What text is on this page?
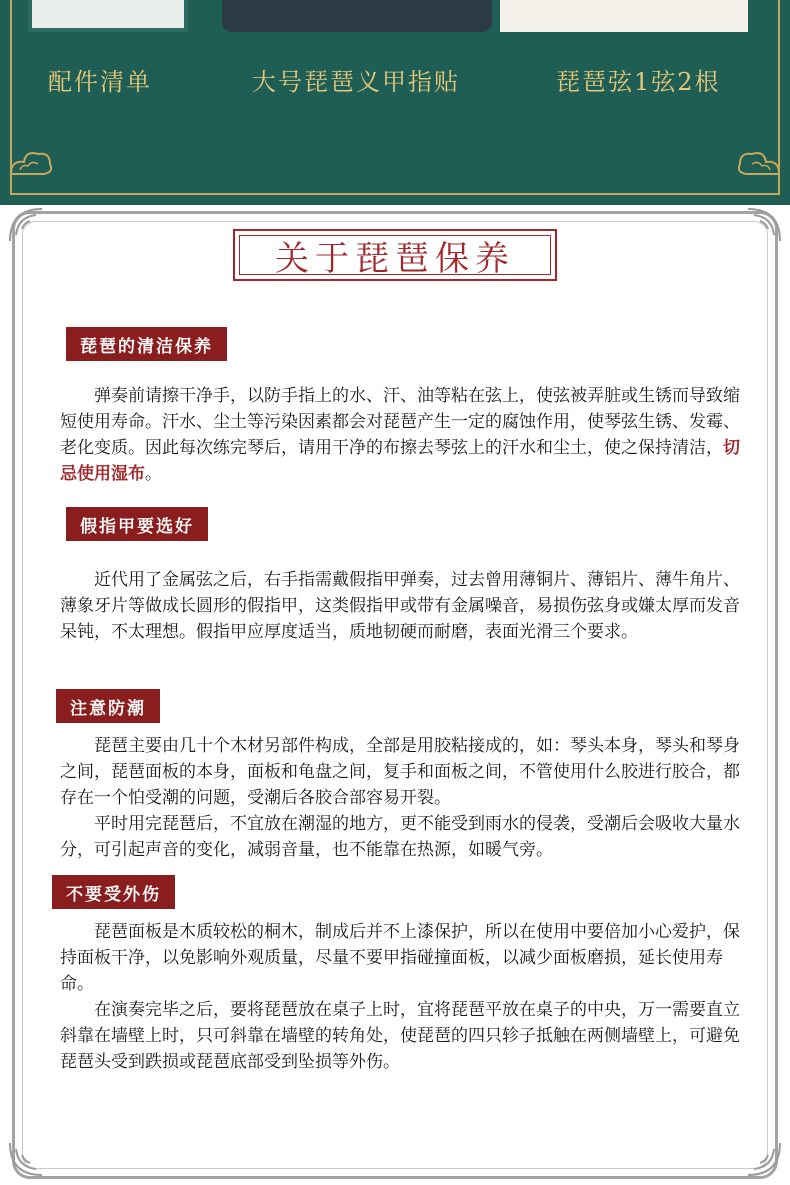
配件清单	大号琵琶义甲指贴	琵琶弦1弦2根
关于琵琶保养
琵琶的清洁保养

弹奏前请擦干净手，以防手指上的水、汗、油等粘在弦上，使弦被弄脏或生锈而导致缩短使用寿命。汗水、尘土等污染因素都会对琵琶产生一定的腐蚀作用，使琴弦生锈、发霉、老化变质。因此每次练完琴后，请用干净的布擦去琴弦上的汗水和尘土，使之保持清洁，切忌使用湿布。

假指甲要选好

近代用了金属弦之后，右手指需戴假指甲弹奏，过去曾用薄铜片、薄铝片、薄牛角片、薄象牙片等做成长圆形的假指甲，这类假指甲或带有金属噪音，易损伤弦身或嫌太厚而发音呆钝，不太理想。假指甲应厚度适当，质地韧硬而耐磨，表面光滑三个要求。

注意防潮

琵琶主要由几十个木材另部件构成，全部是用胶粘接成的，如：琴头本身，琴头和琴身之间，琵琶面板的本身，面板和龟盘之间，复手和面板之间，不管使用什么胶进行胶合，都存在一个怕受潮的问题，受潮后各胶合部容易开裂。

平时用完琵琶后，不宜放在潮湿的地方，更不能受到雨水的侵袭，受潮后会吸收大量水分，可引起声音的变化，减弱音量，也不能靠在热源，如暖气旁。

不要受外伤

琵琶面板是木质较松的桐木，制成后并不上漆保护，所以在使用中要倍加小心爱护，保持面板干净，以免影响外观质量，尽量不要甲指碰撞面板，以减少面板磨损，延长使用寿命。

在演奏完毕之后，要将琵琶放在桌子上时，宜将琵琶平放在桌子的中央，万一需要直立斜靠在墙壁上时，只可斜靠在墙壁的转角处，使琵琶的四只轸子抵触在两侧墙壁上，可避免琵琶头受到跌损或琵琶底部受到坠损等外伤。
